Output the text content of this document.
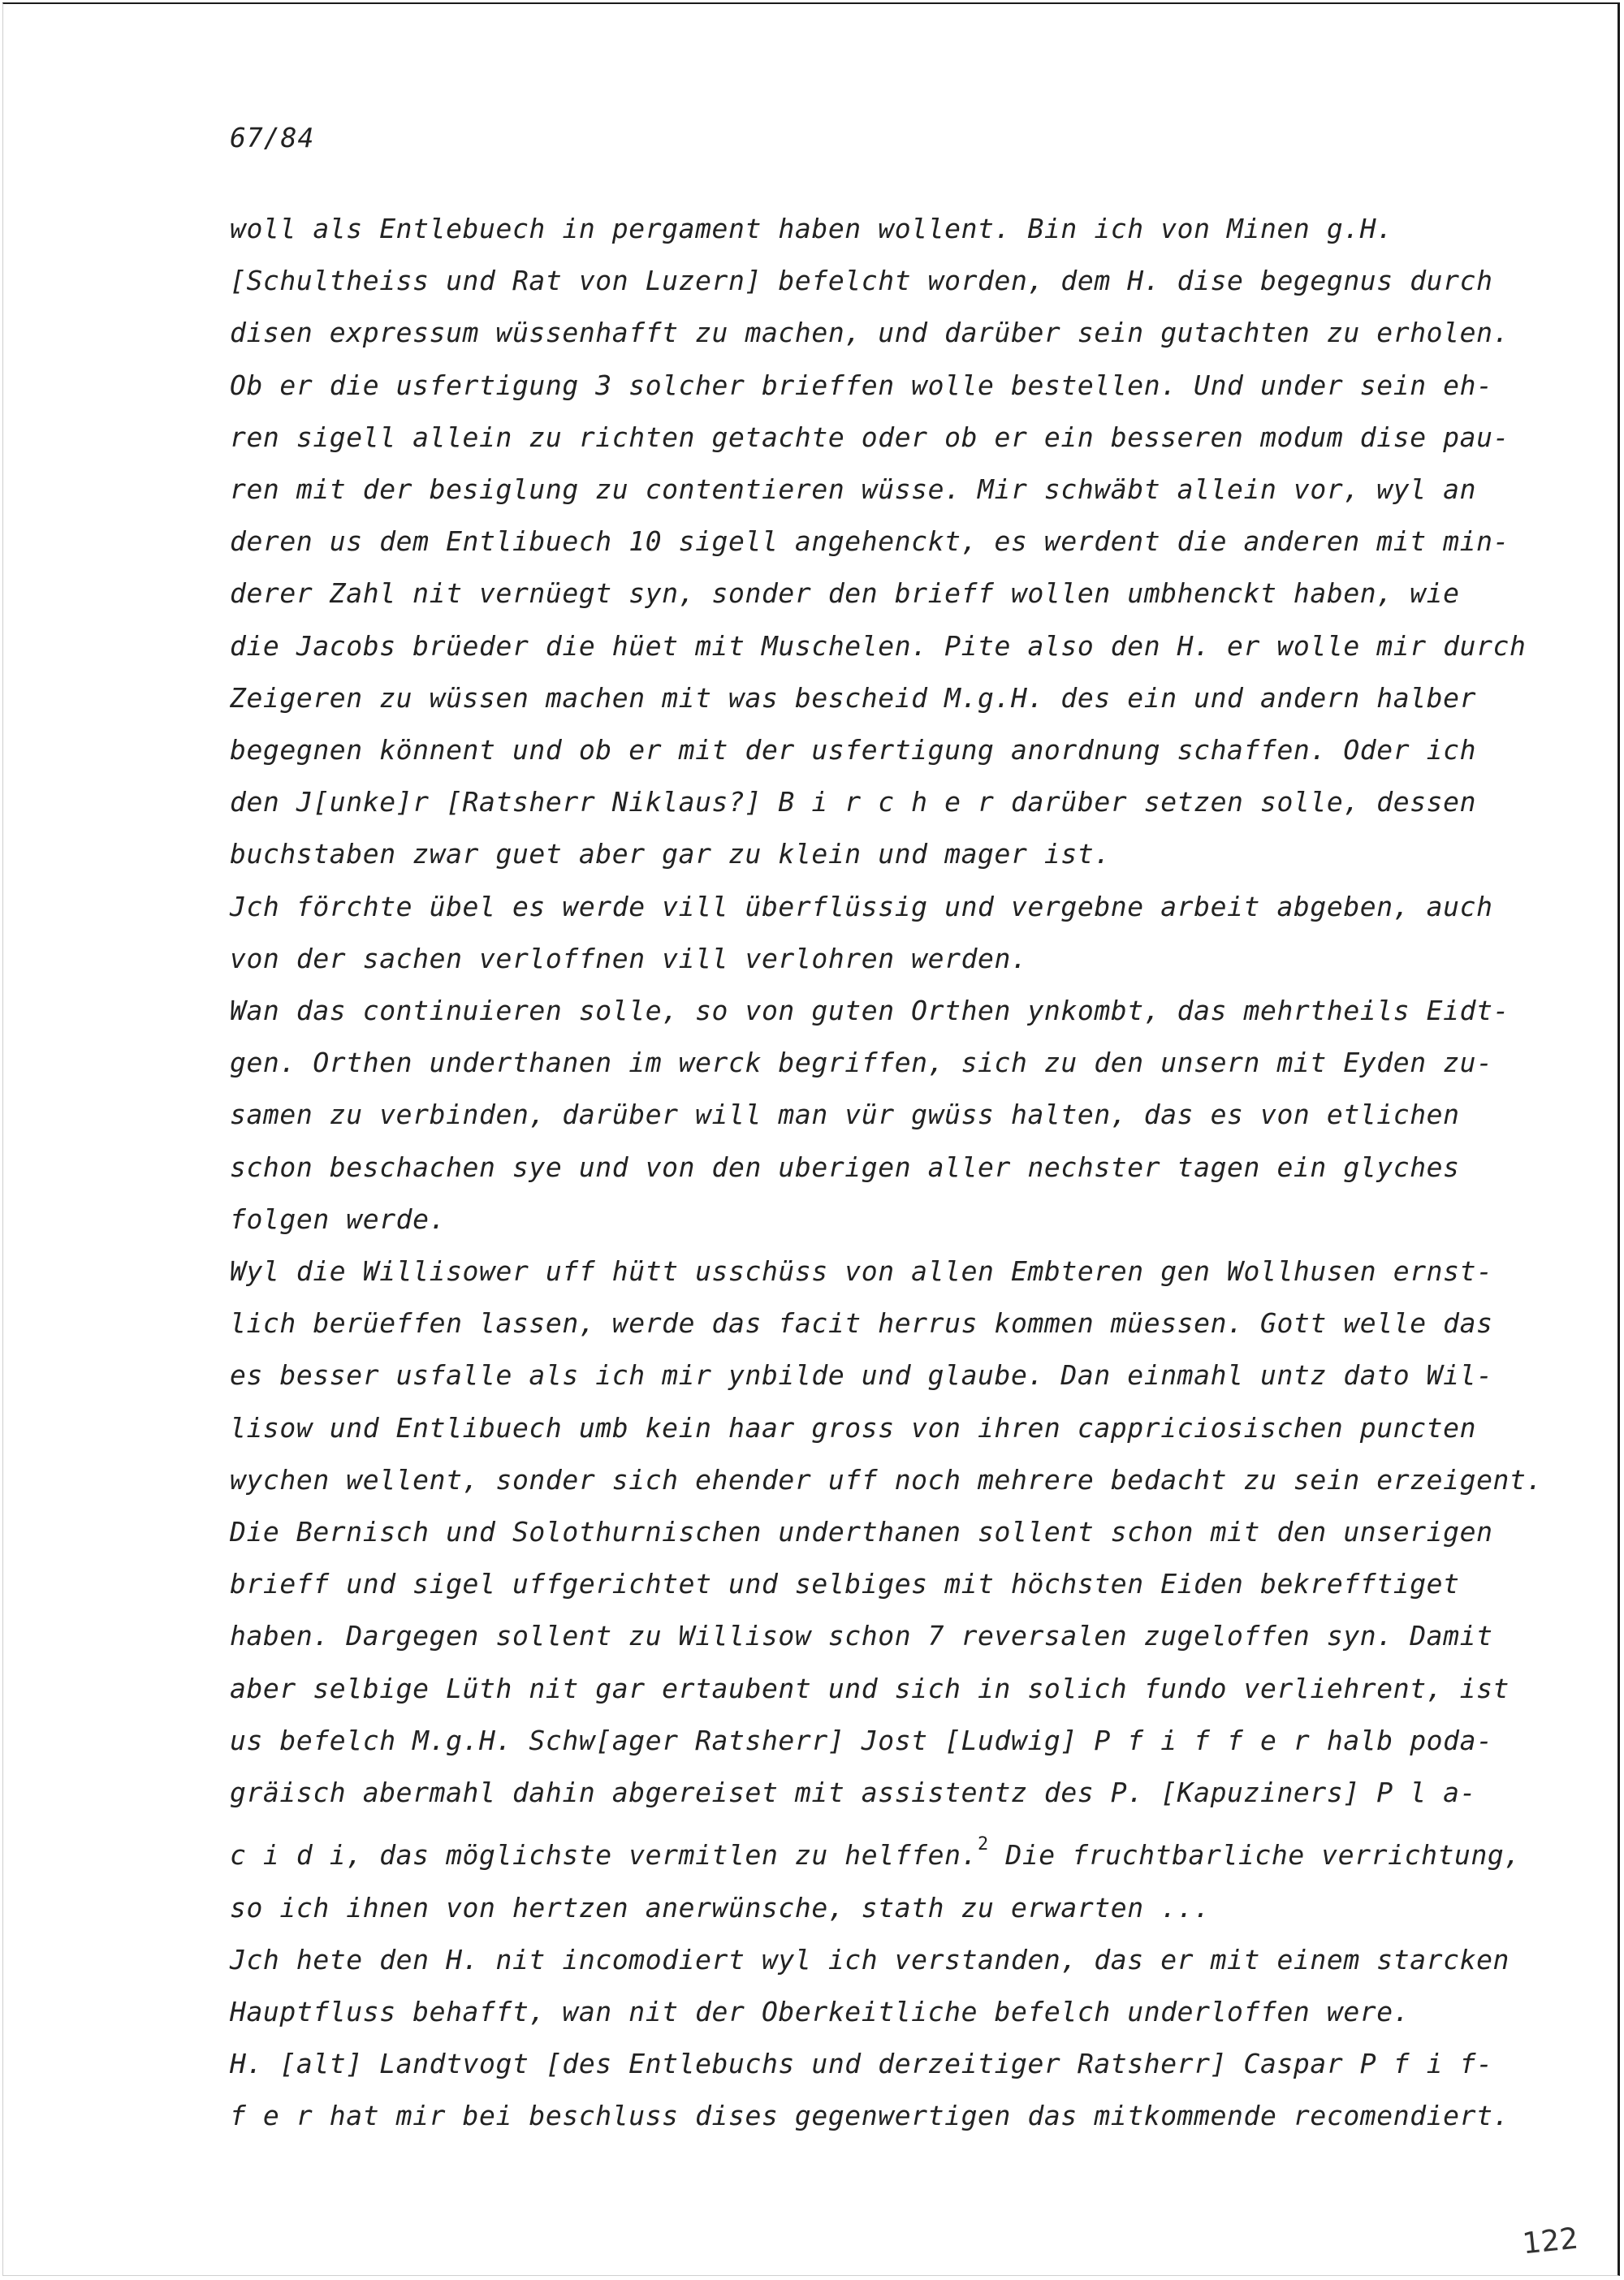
67/84

woll als Entlebuech in pergament haben wollent. Bin ich von Minen g.H.
[Schultheiss und Rat von Luzern] befelcht worden, dem H. dise begegnus durch
disen expressum wüssenhafft zu machen, und darüber sein gutachten zu erholen.
Ob er die usfertigung 3 solcher brieffen wolle bestellen. Und under sein eh-
ren sigell allein zu richten getachte oder ob er ein besseren modum dise pau-
ren mit der besiglung zu contentieren wüsse. Mir schwäbt allein vor, wyl an
deren us dem Entlibuech 10 sigell angehenckt, es werdent die anderen mit min-
derer Zahl nit vernüegt syn, sonder den brieff wollen umbhenckt haben, wie
die Jacobs brüeder die hüet mit Muschelen. Pite also den H. er wolle mir durch
Zeigeren zu wüssen machen mit was bescheid M.g.H. des ein und andern halber
begegnen könnent und ob er mit der usfertigung anordnung schaffen. Oder ich
den J[unke]r [Ratsherr Niklaus?] B i r c h e r darüber setzen solle, dessen
buchstaben zwar guet aber gar zu klein und mager ist.
Jch förchte übel es werde vill überflüssig und vergebne arbeit abgeben, auch
von der sachen verloffnen vill verlohren werden.
Wan das continuieren solle, so von guten Orthen ynkombt, das mehrtheils Eidt-
gen. Orthen underthanen im werck begriffen, sich zu den unsern mit Eyden zu-
samen zu verbinden, darüber will man vür gwüss halten, das es von etlichen
schon beschachen sye und von den uberigen aller nechster tagen ein glyches
folgen werde.
Wyl die Willisower uff hütt usschüss von allen Embteren gen Wollhusen ernst-
lich berüeffen lassen, werde das facit herrus kommen müessen. Gott welle das
es besser usfalle als ich mir ynbilde und glaube. Dan einmahl untz dato Wil-
lisow und Entlibuech umb kein haar gross von ihren cappriciosischen puncten
wychen wellent, sonder sich ehender uff noch mehrere bedacht zu sein erzeigent.
Die Bernisch und Solothurnischen underthanen sollent schon mit den unserigen
brieff und sigel uffgerichtet und selbiges mit höchsten Eiden bekrefftiget
haben. Dargegen sollent zu Willisow schon 7 reversalen zugeloffen syn. Damit
aber selbige Lüth nit gar ertaubent und sich in solich fundo verliehrent, ist
us befelch M.g.H. Schw[ager Ratsherr] Jost [Ludwig] P f i f f e r halb poda-
gräisch abermahl dahin abgereiset mit assistentz des P. [Kapuziners] P l a-
c i d i, das möglichste vermitlen zu helffen.$^2$ Die fruchtbarliche verrichtung,
so ich ihnen von hertzen anerwünsche, stath zu erwarten ...
Jch hete den H. nit incomodiert wyl ich verstanden, das er mit einem starcken
Hauptfluss behafft, wan nit der Oberkeitliche befelch underloffen were.
H. [alt] Landtvogt [des Entlebuchs und derzeitiger Ratsherr] Caspar P f i f-
f e r hat mir bei beschluss dises gegenwertigen das mitkommende recomendiert.

122
